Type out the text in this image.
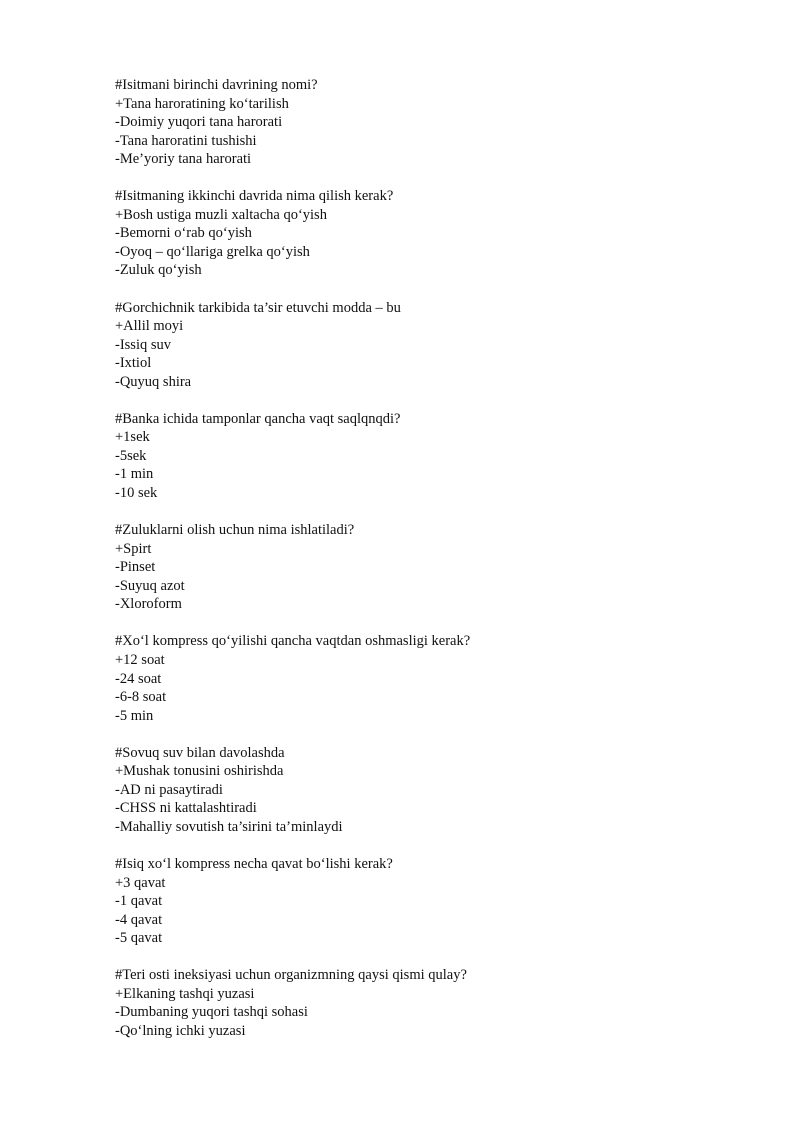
#Isitmani birinchi davrining nomi?
+Tana haroratining ko‘tarilish
-Doimiy yuqori tana harorati
-Tana haroratini tushishi
-Me’yoriy tana harorati
#Isitmaning ikkinchi davrida nima qilish kerak?
+Bosh ustiga muzli xaltacha qo‘yish
-Bemorni o‘rab qo‘yish
-Oyoq – qo‘llariga grelka qo‘yish
-Zuluk qo‘yish
#Gorchichnik tarkibida ta’sir etuvchi modda – bu
+Allil moyi
-Issiq suv
-Ixtiol
-Quyuq shira
#Banka ichida tamponlar qancha vaqt saqlqnqdi?
+1sek
-5sek
-1 min
-10 sek
#Zuluklarni olish uchun nima ishlatiladi?
+Spirt
-Pinset
-Suyuq azot
-Xloroform
#Xo‘l kompress qo‘yilishi qancha vaqtdan oshmasligi kerak?
+12 soat
-24 soat
-6-8 soat
-5 min
#Sovuq suv bilan davolashda
+Mushak tonusini oshirishda
-AD ni pasaytiradi
-CHSS ni kattalashtiradi
-Mahalliy sovutish ta’sirini ta’minlaydi
#Isiq xo‘l kompress necha qavat bo‘lishi kerak?
+3 qavat
-1 qavat
-4 qavat
-5 qavat
#Teri osti ineksiyasi uchun organizmning qaysi qismi qulay?
+Elkaning tashqi yuzasi
-Dumbaning yuqori tashqi sohasi
-Qo‘lning ichki yuzasi
